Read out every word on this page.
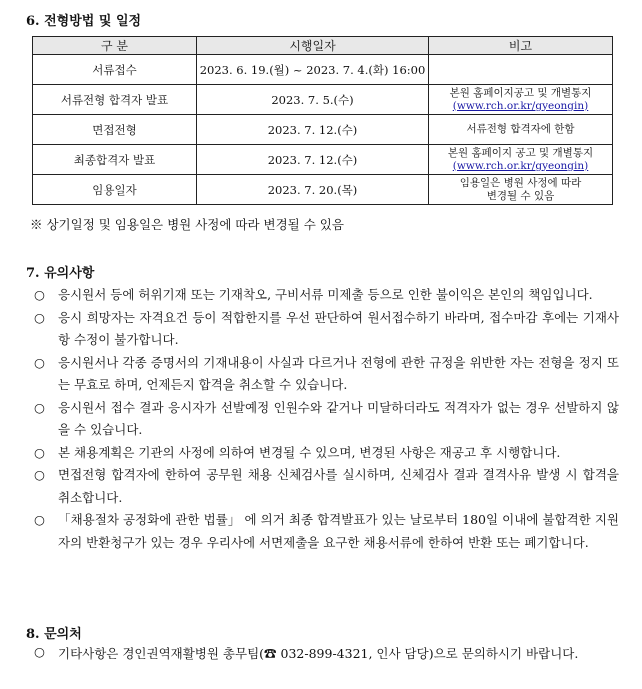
6. 전형방법 및 일정
구 분	시행일자	비고
서류접수	2023. 6. 19.(월) ~ 2023. 7. 4.(화) 16:00	
서류전형 합격자 발표	2023. 7. 5.(수)	본원 홈페이지공고 및 개별통지
(www.rch.or.kr/gyeongin)

면접전형	2023. 7. 12.(수)	서류전형 합격자에 한함

최종합격자 발표	2023. 7. 12.(수)	본원 홈페이지 공고 및 개별통지
(www.rch.or.kr/gyeongin)

임용일자	2023. 7. 20.(목)	임용일은 병원 사정에 따라
변경될 수 있음
※ 상기일정 및 임용일은 병원 사정에 따라 변경될 수 있음
7. 유의사항
○ 응시원서 등에 허위기재 또는 기재착오, 구비서류 미제출 등으로 인한 불이익은 본인의 책임입니다.
○ 응시 희망자는 자격요건 등이 적합한지를 우선 판단하여 원서접수하기 바라며, 접수마감 후에는 기재사항 수정이 불가합니다.
○ 응시원서나 각종 증명서의 기재내용이 사실과 다르거나 전형에 관한 규정을 위반한 자는 전형을 정지 또는 무효로 하며, 언제든지 합격을 취소할 수 있습니다.
○ 응시원서 접수 결과 응시자가 선발예정 인원수와 같거나 미달하더라도 적격자가 없는 경우 선발하지 않을 수 있습니다.
○ 본 채용계획은 기관의 사정에 의하여 변경될 수 있으며, 변경된 사항은 재공고 후 시행합니다.
○ 면접전형 합격자에 한하여 공무원 채용 신체검사를 실시하며, 신체검사 결과 결격사유 발생 시 합격을 취소합니다.
○ 「채용절차 공정화에 관한 법률」 에 의거 최종 합격발표가 있는 날로부터 180일 이내에 불합격한 지원자의 반환청구가 있는 경우 우리사에 서면제출을 요구한 채용서류에 한하여 반환 또는 폐기합니다.
8. 문의처
○ 기타사항은 경인권역재활병원 총무팀(☎ 032-899-4321, 인사 담당)으로 문의하시기 바랍니다.
